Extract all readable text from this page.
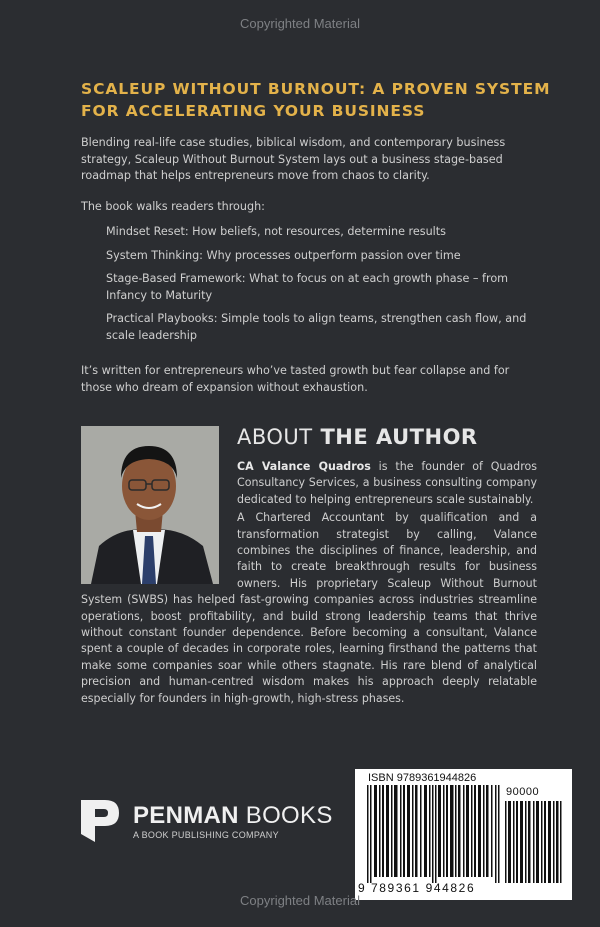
Copyrighted Material
SCALEUP WITHOUT BURNOUT: A PROVEN SYSTEM FOR ACCELERATING YOUR BUSINESS

Blending real-life case studies, biblical wisdom, and contemporary business strategy, Scaleup Without Burnout System lays out a business stage-based roadmap that helps entrepreneurs move from chaos to clarity.

The book walks readers through:

Mindset Reset: How beliefs, not resources, determine results
System Thinking: Why processes outperform passion over time
Stage-Based Framework: What to focus on at each growth phase – from Infancy to Maturity
Practical Playbooks: Simple tools to align teams, strengthen cash flow, and scale leadership

It’s written for entrepreneurs who’ve tasted growth but fear collapse and for those who dream of expansion without exhaustion.

ABOUT THE AUTHOR

CA Valance Quadros is the founder of Quadros Consultancy Services, a business consulting company dedicated to helping entrepreneurs scale sustainably.

A Chartered Accountant by qualification and a transformation strategist by calling, Valance combines the disciplines of finance, leadership, and faith to create breakthrough results for business owners. His proprietary Scaleup Without Burnout System (SWBS) has helped fast-growing companies across industries streamline operations, boost profitability, and build strong leadership teams that thrive without constant founder dependence. Before becoming a consultant, Valance spent a couple of decades in corporate roles, learning firsthand the patterns that make some companies soar while others stagnate. His rare blend of analytical precision and human-centred wisdom makes his approach deeply relatable especially for founders in high-growth, high-stress phases.

PENMAN BOOKS
A BOOK PUBLISHING COMPANY
ISBN 9789361944826
90000
9 789361 944826
Copyrighted Material
